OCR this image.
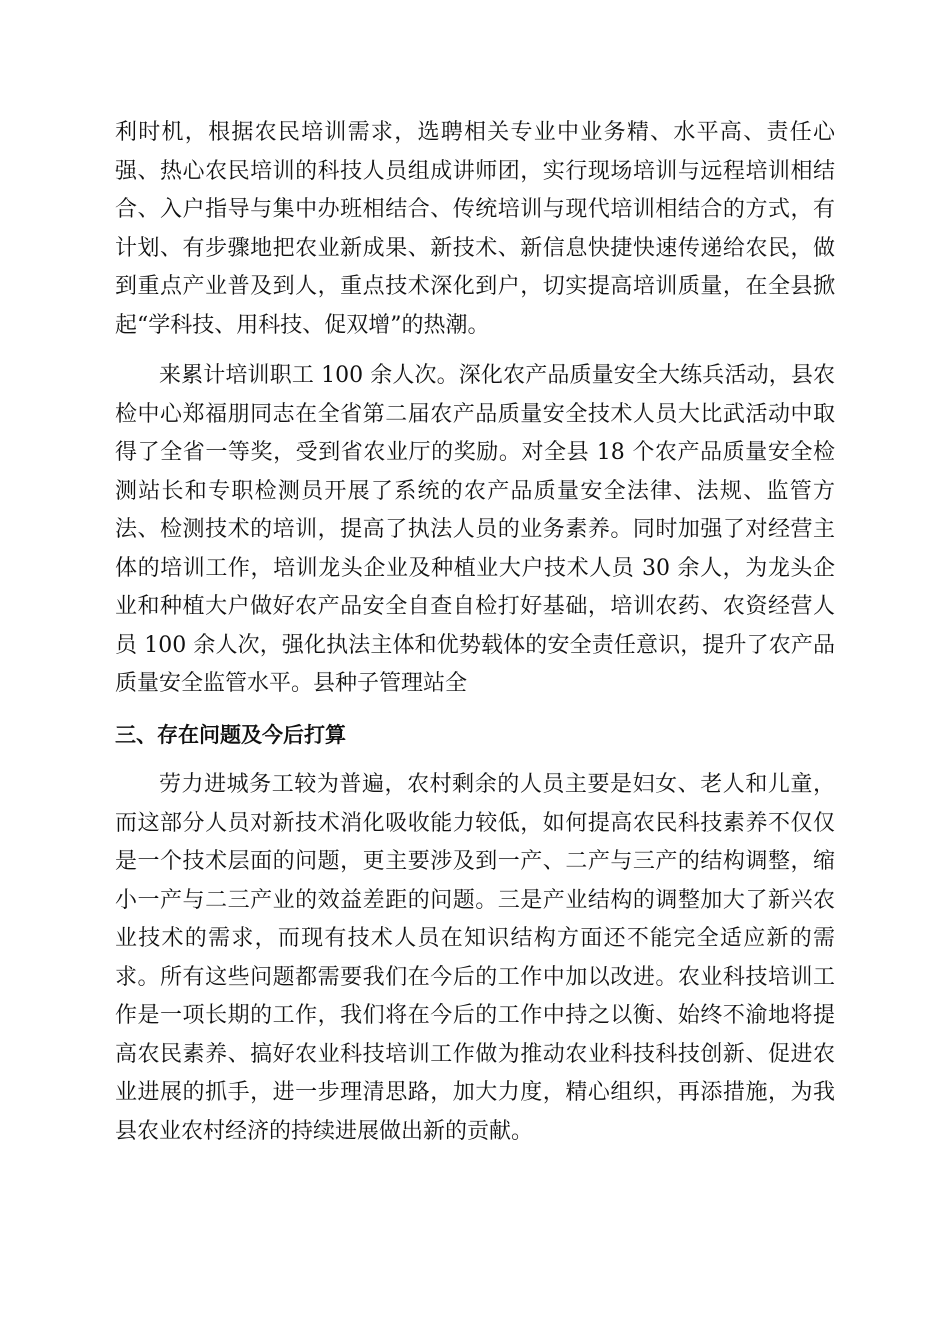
利时机，根据农民培训需求，选聘相关专业中业务精、水平高、责任心强、热心农民培训的科技人员组成讲师团，实行现场培训与远程培训相结合、入户指导与集中办班相结合、传统培训与现代培训相结合的方式，有计划、有步骤地把农业新成果、新技术、新信息快捷快速传递给农民，做到重点产业普及到人，重点技术深化到户，切实提高培训质量，在全县掀起“学科技、用科技、促双增”的热潮。

来累计培训职工 100 余人次。深化农产品质量安全大练兵活动，县农检中心郑福朋同志在全省第二届农产品质量安全技术人员大比武活动中取得了全省一等奖，受到省农业厅的奖励。对全县 18 个农产品质量安全检测站长和专职检测员开展了系统的农产品质量安全法律、法规、监管方法、检测技术的培训，提高了执法人员的业务素养。同时加强了对经营主体的培训工作，培训龙头企业及种植业大户技术人员 30 余人，为龙头企业和种植大户做好农产品安全自查自检打好基础，培训农药、农资经营人员 100 余人次，强化执法主体和优势载体的安全责任意识，提升了农产品质量安全监管水平。县种子管理站全

三、存在问题及今后打算

劳力进城务工较为普遍，农村剩余的人员主要是妇女、老人和儿童，而这部分人员对新技术消化吸收能力较低，如何提高农民科技素养不仅仅是一个技术层面的问题，更主要涉及到一产、二产与三产的结构调整，缩小一产与二三产业的效益差距的问题。三是产业结构的调整加大了新兴农业技术的需求，而现有技术人员在知识结构方面还不能完全适应新的需求。所有这些问题都需要我们在今后的工作中加以改进。农业科技培训工作是一项长期的工作，我们将在今后的工作中持之以衡、始终不渝地将提高农民素养、搞好农业科技培训工作做为推动农业科技科技创新、促进农业进展的抓手，进一步理清思路，加大力度，精心组织，再添措施，为我县农业农村经济的持续进展做出新的贡献。
